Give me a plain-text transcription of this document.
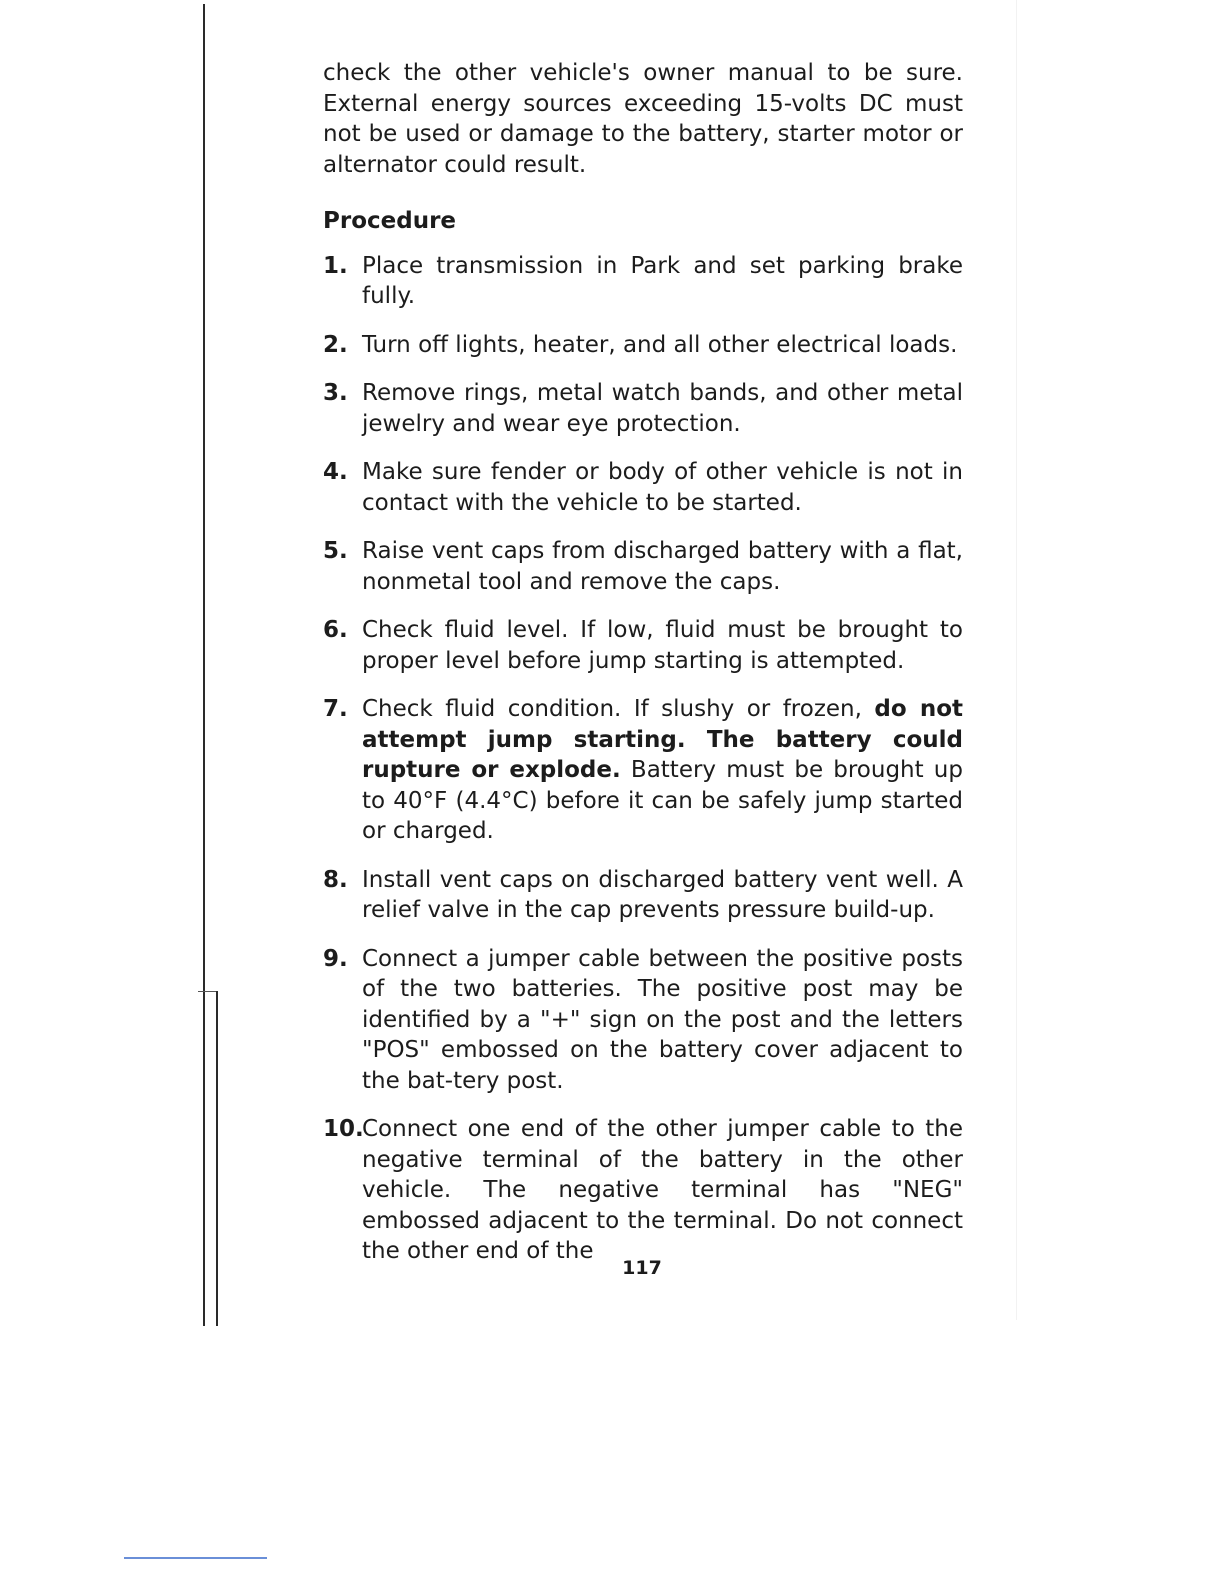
check the other vehicle's owner manual to be sure. External energy sources exceeding 15-volts DC must not be used or damage to the battery, starter motor or alternator could result.

Procedure
1. Place transmission in Park and set parking brake fully.
2. Turn off lights, heater, and all other electrical loads.
3. Remove rings, metal watch bands, and other metal jewelry and wear eye protection.
4. Make sure fender or body of other vehicle is not in contact with the vehicle to be started.
5. Raise vent caps from discharged battery with a flat, nonmetal tool and remove the caps.
6. Check fluid level. If low, fluid must be brought to proper level before jump starting is attempted.
7. Check fluid condition. If slushy or frozen, do not attempt jump starting. The battery could rupture or explode. Battery must be brought up to 40°F (4.4°C) before it can be safely jump started or charged.
8. Install vent caps on discharged battery vent well. A relief valve in the cap prevents pressure build-up.
9. Connect a jumper cable between the positive posts of the two batteries. The positive post may be identified by a "+" sign on the post and the letters "POS" embossed on the battery cover adjacent to the bat-tery post.
10.
Connect one end of the other jumper cable to the negative terminal of the battery in the other vehicle. The negative terminal has "NEG" embossed adjacent to the terminal. Do not connect the other end of the
117
